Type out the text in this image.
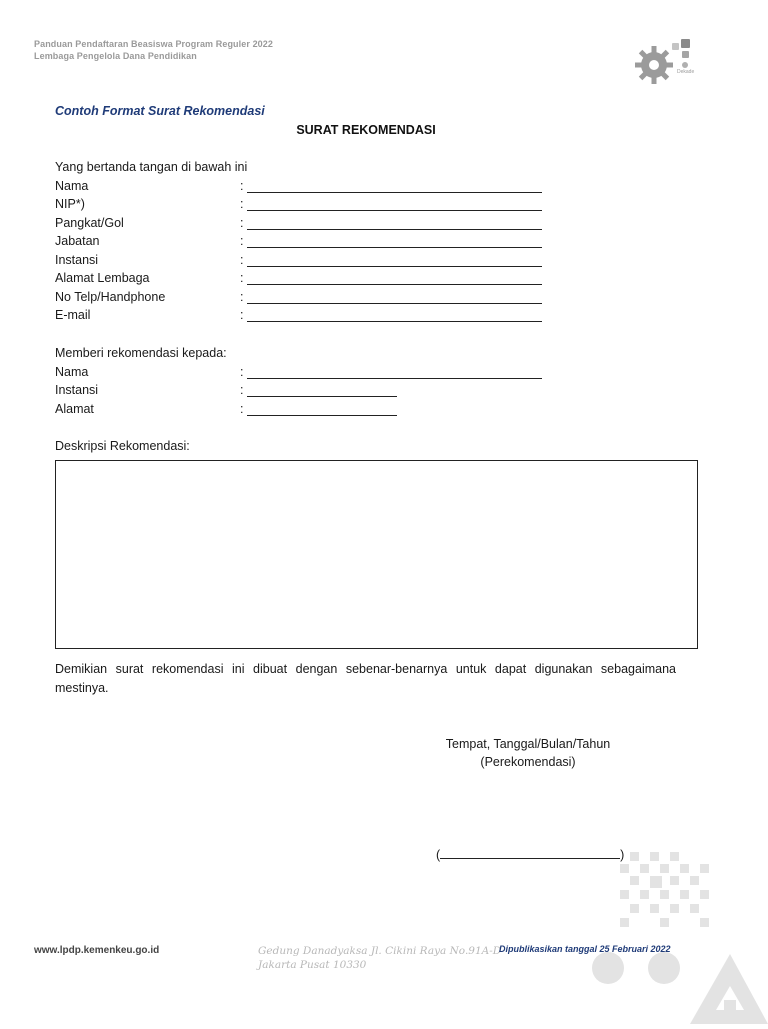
Panduan Pendaftaran Beasiswa Program Reguler 2022
Lembaga Pengelola Dana Pendidikan
Dekade
Contoh Format Surat Rekomendasi
SURAT REKOMENDASI
Yang bertanda tangan di bawah ini
Nama	:
NIP*)	:
Pangkat/Gol	:
Jabatan	:
Instansi	:
Alamat Lembaga	:
No Telp/Handphone	:
E-mail	:
Memberi rekomendasi kepada:
Nama	:
Instansi	:
Alamat	:
Deskripsi Rekomendasi:
Demikian surat rekomendasi ini dibuat dengan sebenar-benarnya untuk dapat digunakan sebagaimana mestinya.
Tempat, Tanggal/Bulan/Tahun
(Perekomendasi)
(	)
www.lpdp.kemenkeu.go.id	Gedung Danadyaksa Jl. Cikini Raya No.91A-D
Jakarta Pusat 10330
Dipublikasikan tanggal 25 Februari 2022
